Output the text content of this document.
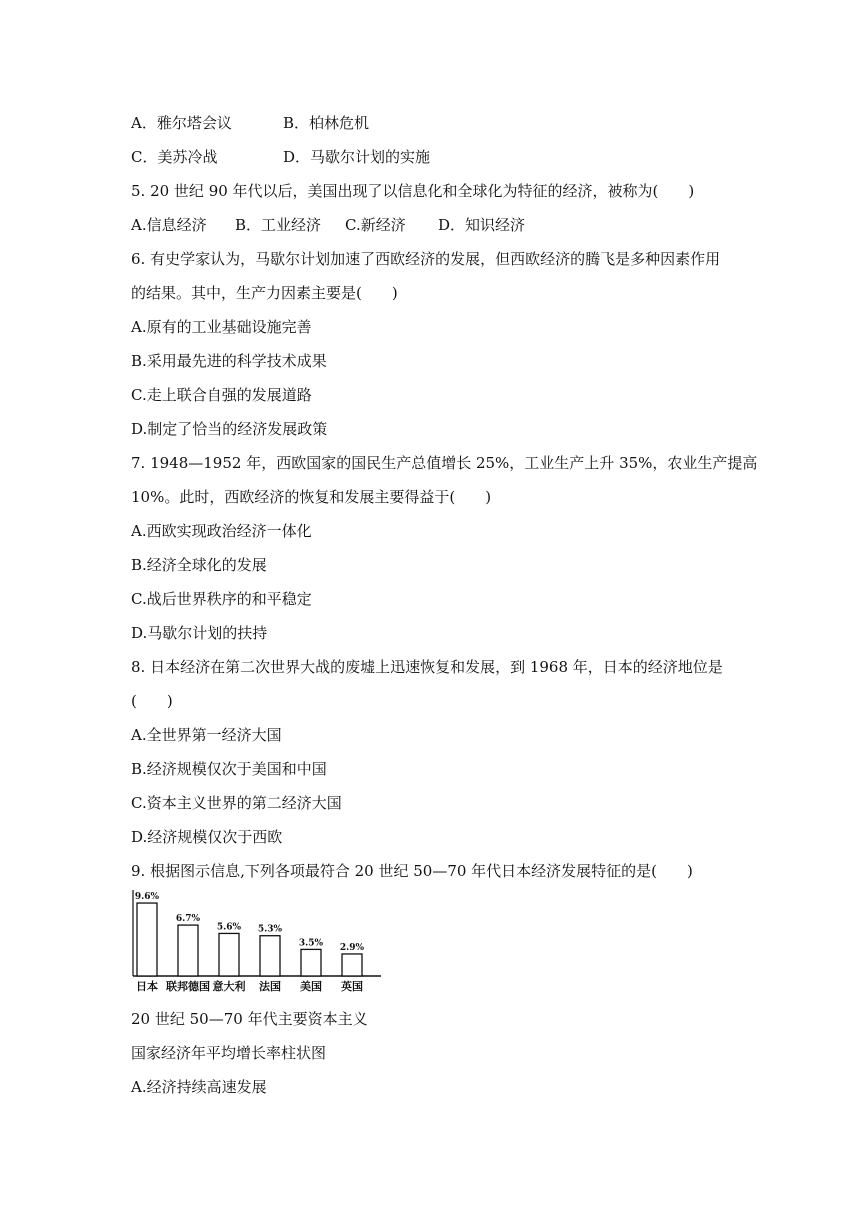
A．雅尔塔会议	B．柏林危机
C．美苏冷战	D．马歇尔计划的实施
5. 20 世纪 90 年代以后，美国出现了以信息化和全球化为特征的经济，被称为(　　)
A.信息经济	B．工业经济	C.新经济	D．知识经济
6. 有史学家认为，马歇尔计划加速了西欧经济的发展，但西欧经济的腾飞是多种因素作用
的结果。其中，生产力因素主要是(　　)
A.原有的工业基础设施完善
B.采用最先进的科学技术成果
C.走上联合自强的发展道路
D.制定了恰当的经济发展政策
7. 1948—1952 年，西欧国家的国民生产总值增长 25%，工业生产上升 35%，农业生产提高
10%。此时，西欧经济的恢复和发展主要得益于(　　)
A.西欧实现政治经济一体化
B.经济全球化的发展
C.战后世界秩序的和平稳定
D.马歇尔计划的扶持
8. 日本经济在第二次世界大战的废墟上迅速恢复和发展，到 1968 年，日本的经济地位是
(　　)
A.全世界第一经济大国
B.经济规模仅次于美国和中国
C.资本主义世界的第二经济大国
D.经济规模仅次于西欧
9. 根据图示信息,下列各项最符合 20 世纪 50—70 年代日本经济发展特征的是(　　)
9.6%
日本
6.7%
联邦德国
5.6%
意大利
5.3%
法国
3.5%
美国
2.9%
英国
20 世纪 50—70 年代主要资本主义
国家经济年平均增长率柱状图
A.经济持续高速发展
